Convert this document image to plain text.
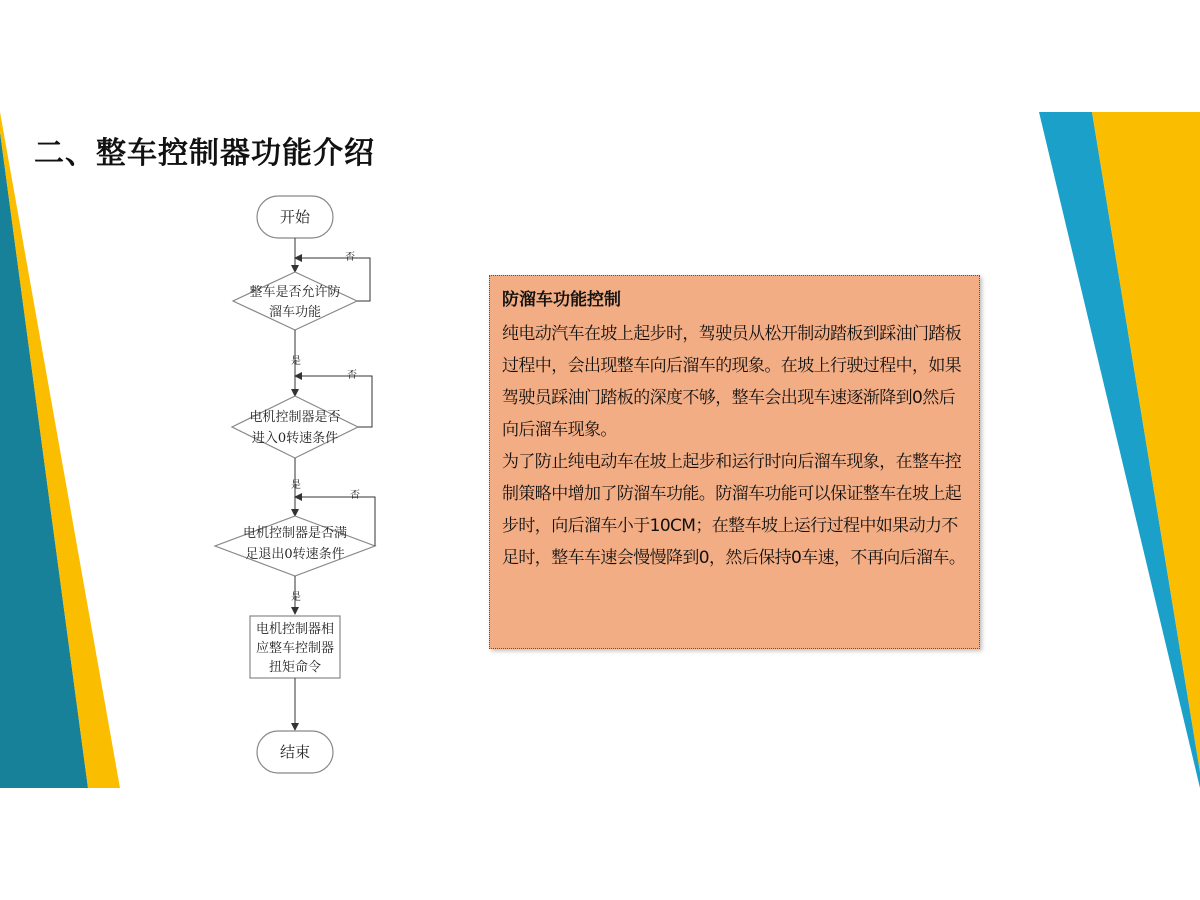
二、整车控制器功能介绍
开始
整车是否允许防
溜车功能
否
是
电机控制器是否
进入0转速条件
否
是
电机控制器是否满
足退出0转速条件
否
是
电机控制器相
应整车控制器
扭矩命令
结束
防溜车功能控制

纯电动汽车在坡上起步时，驾驶员从松开制动踏板到踩油门踏板过程中，会出现整车向后溜车的现象。在坡上行驶过程中，如果驾驶员踩油门踏板的深度不够，整车会出现车速逐渐降到0然后向后溜车现象。

为了防止纯电动车在坡上起步和运行时向后溜车现象，在整车控制策略中增加了防溜车功能。防溜车功能可以保证整车在坡上起步时，向后溜车小于10CM；在整车坡上运行过程中如果动力不足时，整车车速会慢慢降到0，然后保持0车速，不再向后溜车。
